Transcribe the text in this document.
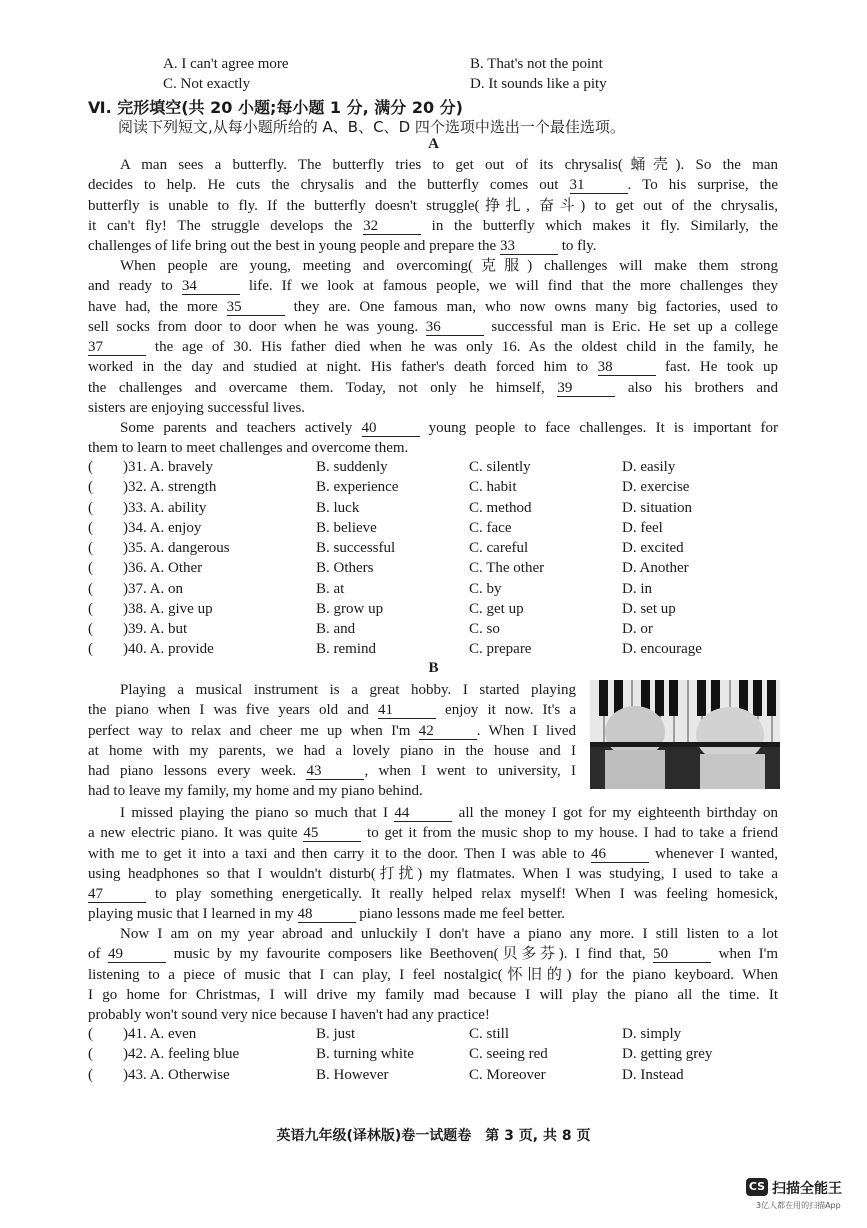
A. I can't agree more	B. That's not the point
C. Not exactly	D. It sounds like a pity
Ⅵ. 完形填空(共 20 小题;每小题 1 分, 满分 20 分)
阅读下列短文,从每小题所给的 A、B、C、D 四个选项中选出一个最佳选项。
A
A man sees a butterfly. The butterfly tries to get out of its chrysalis(蛹壳). So the man
decides to help. He cuts the chrysalis and the butterfly comes out 31	. To his surprise, the
butterfly is unable to fly. If the butterfly doesn't struggle(挣扎, 奋斗) to get out of the chrysalis,
it can't fly! The struggle develops the 32	in the butterfly which makes it fly. Similarly, the
challenges of life bring out the best in young people and prepare the 33	to fly.
When people are young, meeting and overcoming(克服) challenges will make them strong
and ready to 34	life. If we look at famous people, we will find that the more challenges they
have had, the more 35	they are. One famous man, who now owns many big factories, used to
sell socks from door to door when he was young. 36	successful man is Eric. He set up a college
37	the age of 30. His father died when he was only 16. As the oldest child in the family, he
worked in the day and studied at night. His father's death forced him to 38	fast. He took up
the challenges and overcame them. Today, not only he himself, 39	also his brothers and
sisters are enjoying successful lives.
Some parents and teachers actively 40	young people to face challenges. It is important for
them to learn to meet challenges and overcome them.
(　　)31. A. bravely	B. suddenly	C. silently	D. easily
(　　)32. A. strength	B. experience	C. habit	D. exercise
(　　)33. A. ability	B. luck	C. method	D. situation
(　　)34. A. enjoy	B. believe	C. face	D. feel
(　　)35. A. dangerous	B. successful	C. careful	D. excited
(　　)36. A. Other	B. Others	C. The other	D. Another
(　　)37. A. on	B. at	C. by	D. in
(　　)38. A. give up	B. grow up	C. get up	D. set up
(　　)39. A. but	B. and	C. so	D. or
(　　)40. A. provide	B. remind	C. prepare	D. encourage
B
Playing a musical instrument is a great hobby. I started playing
the piano when I was five years old and 41	enjoy it now. It's a
perfect way to relax and cheer me up when I'm 42	. When I lived
at home with my parents, we had a lovely piano in the house and I
had piano lessons every week. 43	, when I went to university, I
had to leave my family, my home and my piano behind.
I missed playing the piano so much that I 44	all the money I got for my eighteenth birthday on
a new electric piano. It was quite 45	to get it from the music shop to my house. I had to take a friend
with me to get it into a taxi and then carry it to the door. Then I was able to 46	whenever I wanted,
using headphones so that I wouldn't disturb(打扰) my flatmates. When I was studying, I used to take a
47	to play something energetically. It really helped relax myself! When I was feeling homesick,
playing music that I learned in my 48	piano lessons made me feel better.
Now I am on my year abroad and unluckily I don't have a piano any more. I still listen to a lot
of 49	music by my favourite composers like Beethoven(贝多芬). I find that, 50	when I'm
listening to a piece of music that I can play, I feel nostalgic(怀旧的) for the piano keyboard. When
I go home for Christmas, I will drive my family mad because I will play the piano all the time. It
probably won't sound very nice because I haven't had any practice!
(　　)41. A. even	B. just	C. still	D. simply
(　　)42. A. feeling blue	B. turning white	C. seeing red	D. getting grey
(　　)43. A. Otherwise	B. However	C. Moreover	D. Instead
英语九年级(译林版)卷一试题卷　第 3 页, 共 8 页
CS 扫描全能王
3亿人都在用的扫描App
